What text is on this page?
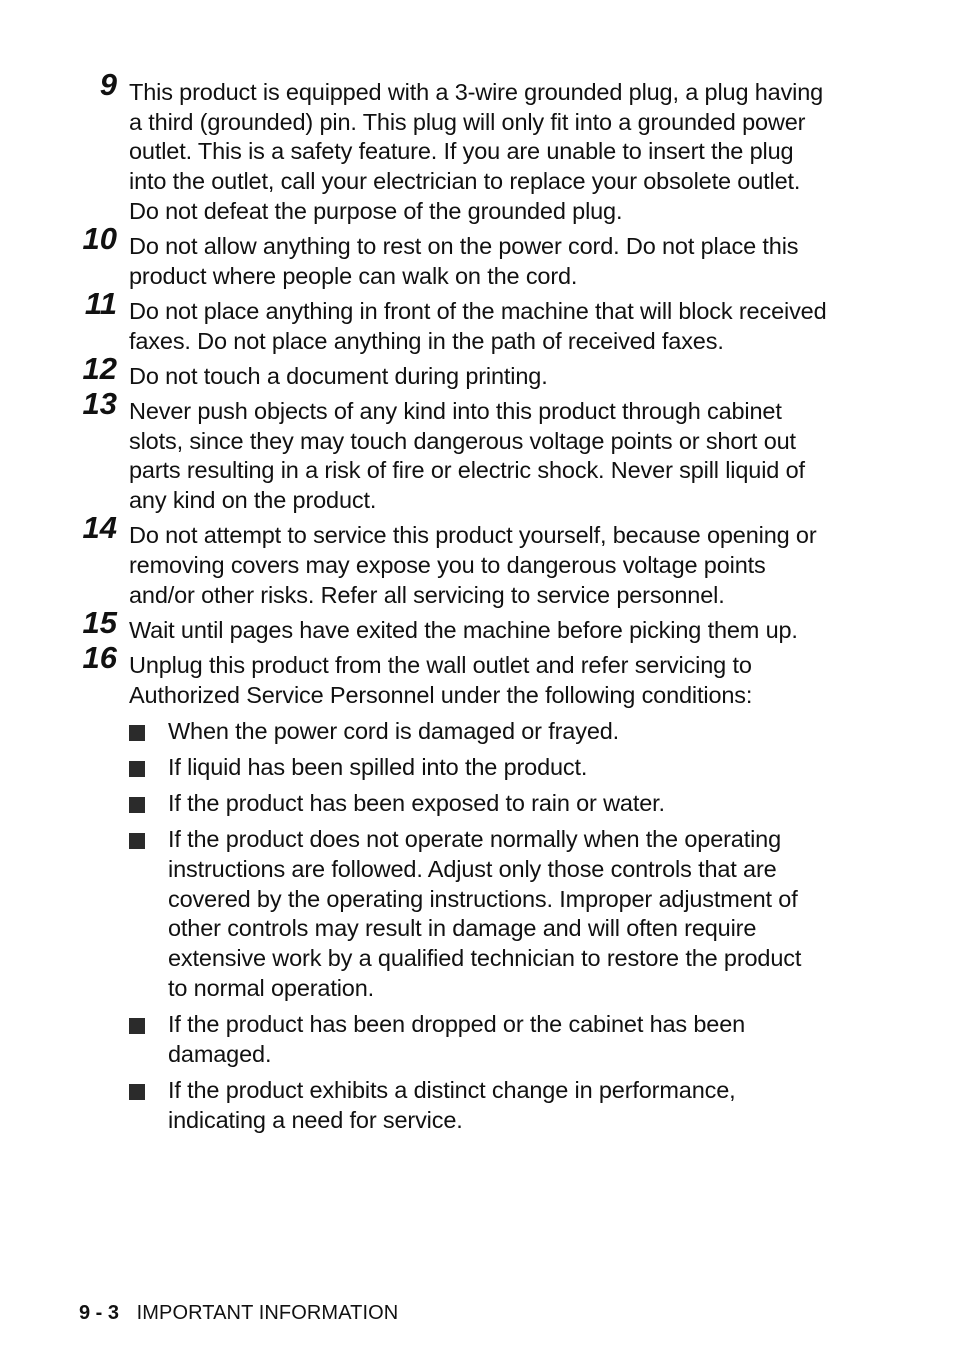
9 This product is equipped with a 3-wire grounded plug, a plug having a third (grounded) pin. This plug will only fit into a grounded power outlet. This is a safety feature. If you are unable to insert the plug into the outlet, call your electrician to replace your obsolete outlet. Do not defeat the purpose of the grounded plug.

10 Do not allow anything to rest on the power cord. Do not place this product where people can walk on the cord.

11 Do not place anything in front of the machine that will block received faxes. Do not place anything in the path of received faxes.

12 Do not touch a document during printing.

13 Never push objects of any kind into this product through cabinet slots, since they may touch dangerous voltage points or short out parts resulting in a risk of fire or electric shock. Never spill liquid of any kind on the product.

14 Do not attempt to service this product yourself, because opening or removing covers may expose you to dangerous voltage points and/or other risks. Refer all servicing to service personnel.

15 Wait until pages have exited the machine before picking them up.

16 Unplug this product from the wall outlet and refer servicing to Authorized Service Personnel under the following conditions:

When the power cord is damaged or frayed.

If liquid has been spilled into the product.

If the product has been exposed to rain or water.

If the product does not operate normally when the operating instructions are followed. Adjust only those controls that are covered by the operating instructions. Improper adjustment of other controls may result in damage and will often require extensive work by a qualified technician to restore the product to normal operation.

If the product has been dropped or the cabinet has been damaged.

If the product exhibits a distinct change in performance, indicating a need for service.

9 - 3 IMPORTANT INFORMATION
